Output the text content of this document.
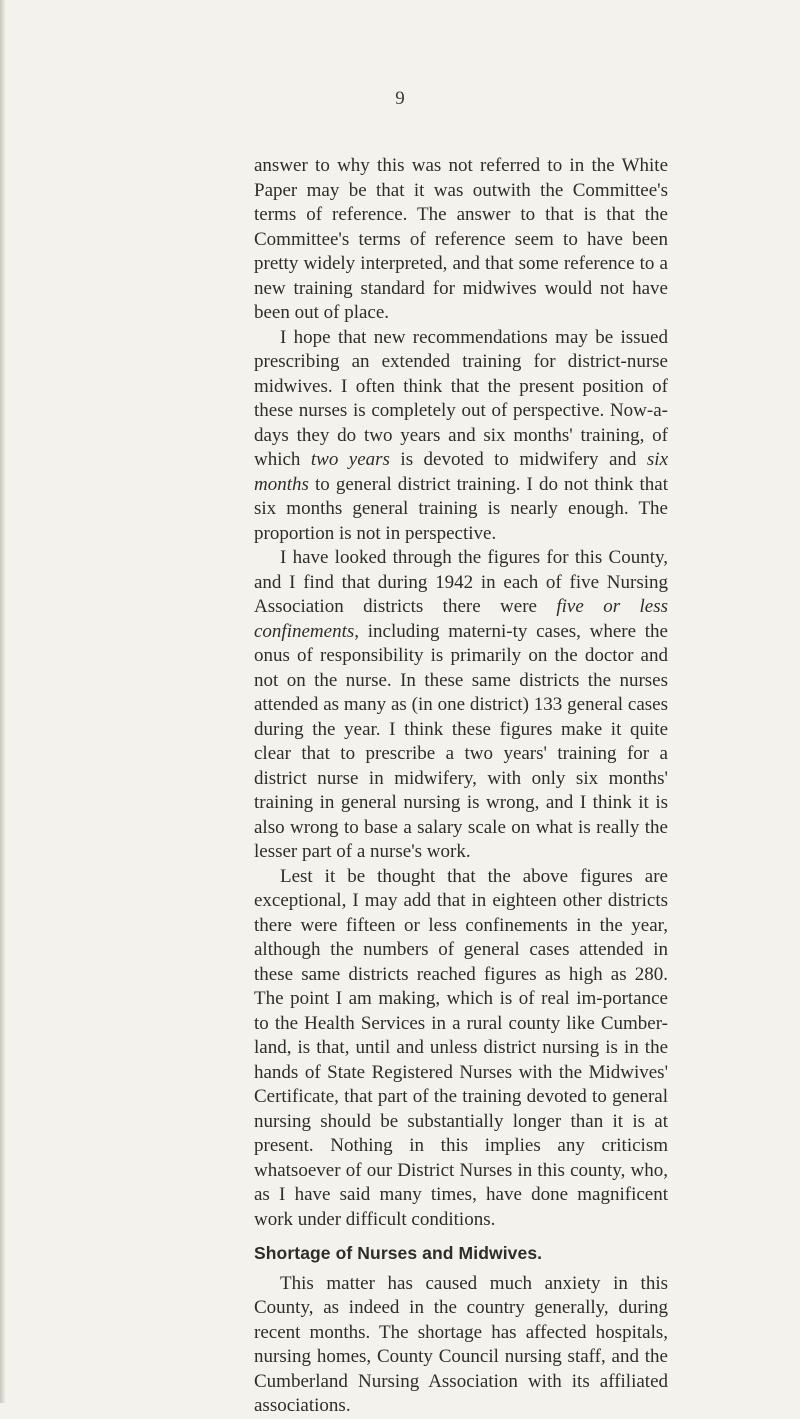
9

answer to why this was not referred to in the White Paper may be that it was outwith the Committee's terms of reference. The answer to that is that the Committee's terms of reference seem to have been pretty widely interpreted, and that some reference to a new training standard for midwives would not have been out of place.

I hope that new recommendations may be issued prescribing an extended training for district-nurse midwives. I often think that the present position of these nurses is completely out of perspective. Now-a-days they do two years and six months' training, of which two years is devoted to midwifery and six months to general district training. I do not think that six months general training is nearly enough. The proportion is not in perspective.

I have looked through the figures for this County, and I find that during 1942 in each of five Nursing Association districts there were five or less confinements, including materni-ty cases, where the onus of responsibility is primarily on the doctor and not on the nurse. In these same districts the nurses attended as many as (in one district) 133 general cases during the year. I think these figures make it quite clear that to prescribe a two years' training for a district nurse in midwifery, with only six months' training in general nursing is wrong, and I think it is also wrong to base a salary scale on what is really the lesser part of a nurse's work.

Lest it be thought that the above figures are exceptional, I may add that in eighteen other districts there were fifteen or less confinements in the year, although the numbers of general cases attended in these same districts reached figures as high as 280. The point I am making, which is of real im-portance to the Health Services in a rural county like Cumber-land, is that, until and unless district nursing is in the hands of State Registered Nurses with the Midwives' Certificate, that part of the training devoted to general nursing should be substantially longer than it is at present. Nothing in this implies any criticism whatsoever of our District Nurses in this county, who, as I have said many times, have done magnificent work under difficult conditions.

Shortage of Nurses and Midwives.

This matter has caused much anxiety in this County, as indeed in the country generally, during recent months. The shortage has affected hospitals, nursing homes, County Council nursing staff, and the Cumberland Nursing Association with its affiliated associations.
